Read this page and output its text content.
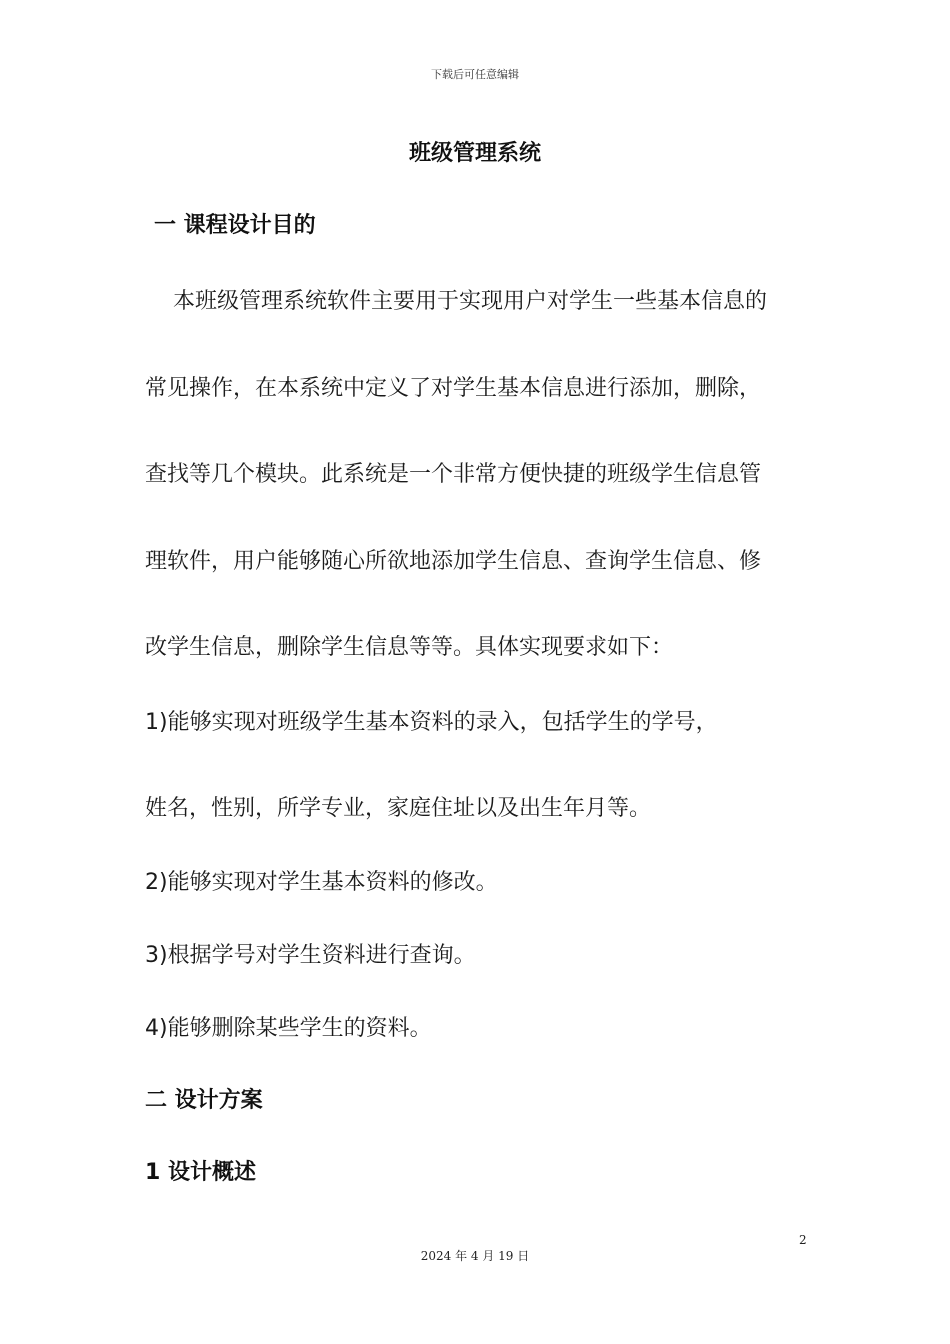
下载后可任意编辑
班级管理系统
一 课程设计目的
本班级管理系统软件主要用于实现用户对学生一些基本信息的
常见操作，在本系统中定义了对学生基本信息进行添加，删除，
查找等几个模块。此系统是一个非常方便快捷的班级学生信息管
理软件，用户能够随心所欲地添加学生信息、查询学生信息、修
改学生信息，删除学生信息等等。具体实现要求如下：
1)能够实现对班级学生基本资料的录入，包括学生的学号，
姓名，性别，所学专业，家庭住址以及出生年月等。
2)能够实现对学生基本资料的修改。
3)根据学号对学生资料进行查询。
4)能够删除某些学生的资料。
二 设计方案
1 设计概述
2
2024 年 4 月 19 日
